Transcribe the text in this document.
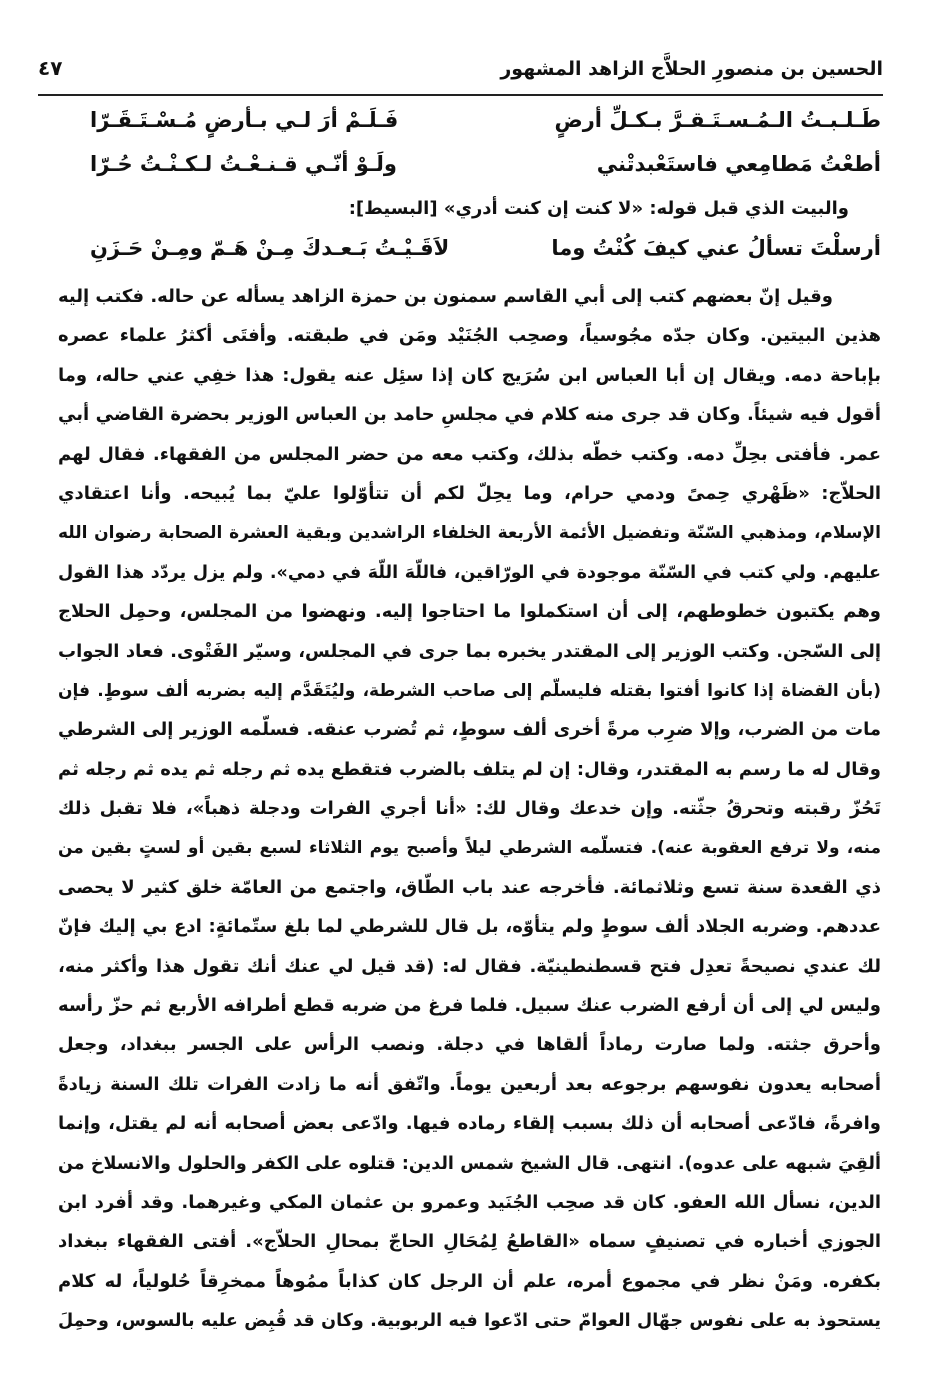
الحسين بن منصورِ الحلاَّج الزاهد المشهور
٤٧
طَـلـبـتُ الـمُـسـتَـقـرَّ بـكـلِّ أرضٍ
فَـلَـمْ أرَ لـي بـأرضٍ مُـسْـتَـقَـرّا
أطعْتُ مَطامِعي فاستَعْبدتْني
ولَـوْ أنّـي قـنـعْـتُ لـكـنْـتُ حُـرّا
والبيت الذي قبل قوله: «لا كنت إن كنت أدري» [البسيط]:
أرسلْتَ تسألُ عني كيفَ كُنْتُ وما
لاَقَـيْـتُ بَـعـدكَ مِـنْ هَـمّ ومِـنْ حَـزَنِ
وقيل إنّ بعضهم كتب إلى أبي القاسم سمنون بن حمزة الزاهد يسأله عن حاله. فكتب إليه
هذين البيتين. وكان جدّه مجُوسياً، وصحِب الجُنَيْد ومَن في طبقته. وأفتَى أكثرُ علماء عصره
بإباحة دمه. ويقال إن أبا العباس ابن سُرَيج كان إذا سئِل عنه يقول: هذا خفِي عني حاله، وما
أقول فيه شيئاً. وكان قد جرى منه كلام في مجلسِ حامد بن العباس الوزير بحضرة القاضي أبي
عمر. فأفتى بحِلِّ دمه. وكتب خطّه بذلك، وكتب معه من حضر المجلس من الفقهاء. فقال لهم
الحلاّج: «ظَهْري حِمىً ودمي حرام، وما يحِلّ لكم أن تتأوّلوا عليّ بما يُبيحه. وأنا اعتقادي
الإسلام، ومذهبي السّنّة وتفضيل الأئمة الأربعة الخلفاء الراشدين وبقية العشرة الصحابة رضوان الله
عليهم. ولي كتب في السّنّة موجودة في الورّاقين، فاللّهَ اللّهَ في دمي». ولم يزل يردّد هذا القول
وهم يكتبون خطوطهم، إلى أن استكملوا ما احتاجوا إليه. ونهضوا من المجلس، وحمِل الحلاج
إلى السّجن. وكتب الوزير إلى المقتدر يخبره بما جرى في المجلس، وسيّر الفَتْوى. فعاد الجواب
(بأن القضاة إذا كانوا أفتوا بقتله فليسلّم إلى صاحب الشرطة، وليُتَقَدَّم إليه بضربه ألف سوطٍ. فإن
مات من الضرب، وإلا ضرِب مرةً أخرى ألف سوطٍ، ثم تُضرب عنقه. فسلّمه الوزير إلى الشرطي
وقال له ما رسم به المقتدر، وقال: إن لم يتلف بالضرب فتقطع يده ثم رجله ثم يده ثم رجله ثم
تَحُزّ رقبته وتحرقُ جثّته. وإن خدعك وقال لك: «أنا أجري الفرات ودجلة ذهباً»، فلا تقبل ذلك
منه، ولا ترفع العقوبة عنه). فتسلّمه الشرطي ليلاً وأصبح يوم الثلاثاء لسبع بقين أو لستٍ بقين من
ذي القعدة سنة تسع وثلاثمائة. فأخرجه عند باب الطّاق، واجتمع من العامّة خلق كثير لا يحصى
عددهم. وضربه الجلاد ألف سوطٍ ولم يتأوّه، بل قال للشرطي لما بلغ ستّمائةٍ: ادع بي إليك فإنّ
لك عندي نصيحةً تعدِل فتح قسطنطينيّة. فقال له: (قد قيل لي عنك أنك تقول هذا وأكثر منه،
وليس لي إلى أن أرفع الضرب عنك سبيل. فلما فرغ من ضربه قطع أطرافه الأربع ثم حزّ رأسه
وأحرق جثته. ولما صارت رماداً ألقاها في دجلة. ونصب الرأس على الجسر ببغداد، وجعل
أصحابه يعدون نفوسهم برجوعه بعد أربعين يوماً. واتّفق أنه ما زادت الفرات تلك السنة زيادةً
وافرةً، فادّعى أصحابه أن ذلك بسبب إلقاء رماده فيها. وادّعى بعض أصحابه أنه لم يقتل، وإنما
ألقِيَ شبهه على عدوه). انتهى. قال الشيخ شمس الدين: قتلوه على الكفر والحلول والانسلاخ من
الدين، نسأل الله العفو. كان قد صحِب الجُنَيد وعمرو بن عثمان المكي وغيرهما. وقد أفرد ابن
الجوزي أخباره في تصنيفٍ سماه «القاطعُ لِمُحَالِ الحاجّ بمحالِ الحلاّج». أفتى الفقهاء ببغداد
بكفره. ومَنْ نظر في مجموع أمره، علم أن الرجل كان كذاباً ممُوهاً ممخرِقاً حُلولياً، له كلام
يستحوذ به على نفوس جهّال العوامّ حتى ادّعوا فيه الربوبية. وكان قد قُبِض عليه بالسوس، وحمِلَ
